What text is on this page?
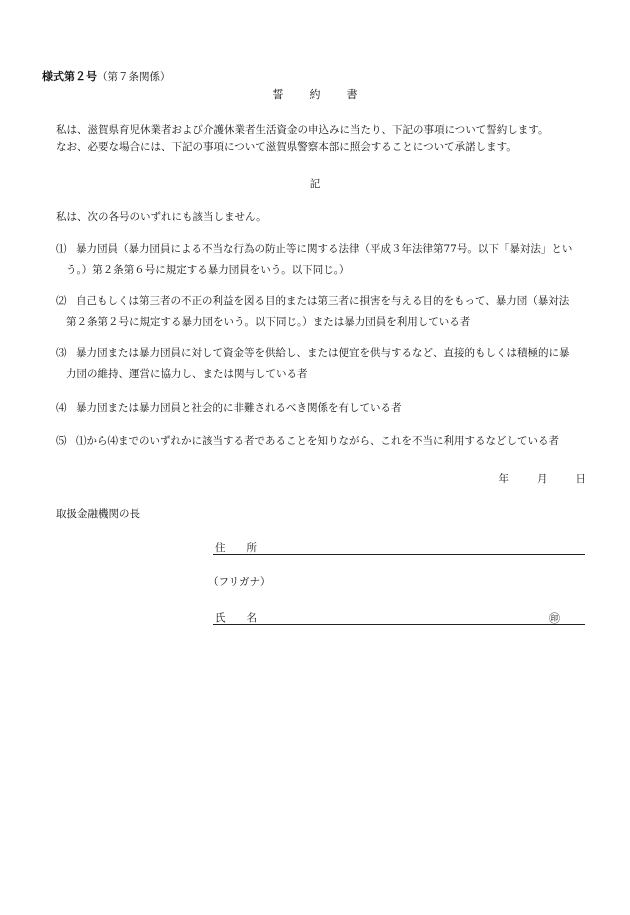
様式第２号（第７条関係）
誓 約 書
私は、滋賀県育児休業者および介護休業者生活資金の申込みに当たり、下記の事項について誓約します。
なお、必要な場合には、下記の事項について滋賀県警察本部に照会することについて承諾します。
記
私は、次の各号のいずれにも該当しません。
⑴ 暴力団員（暴力団員による不当な行為の防止等に関する法律（平成３年法律第77号。以下「暴対法」とい
う。）第２条第６号に規定する暴力団員をいう。以下同じ。）
⑵ 自己もしくは第三者の不正の利益を図る目的または第三者に損害を与える目的をもって、暴力団（暴対法
第２条第２号に規定する暴力団をいう。以下同じ。）または暴力団員を利用している者
⑶ 暴力団または暴力団員に対して資金等を供給し、または便宜を供与するなど、直接的もしくは積極的に暴
力団の維持、運営に協力し、または関与している者
⑷ 暴力団または暴力団員と社会的に非難されるべき関係を有している者
⑸ ⑴から⑷までのいずれかに該当する者であることを知りながら、これを不当に利用するなどしている者
年	月	日
取扱金融機関の長
住　　所
（フリガナ）
氏　　名	㊞
